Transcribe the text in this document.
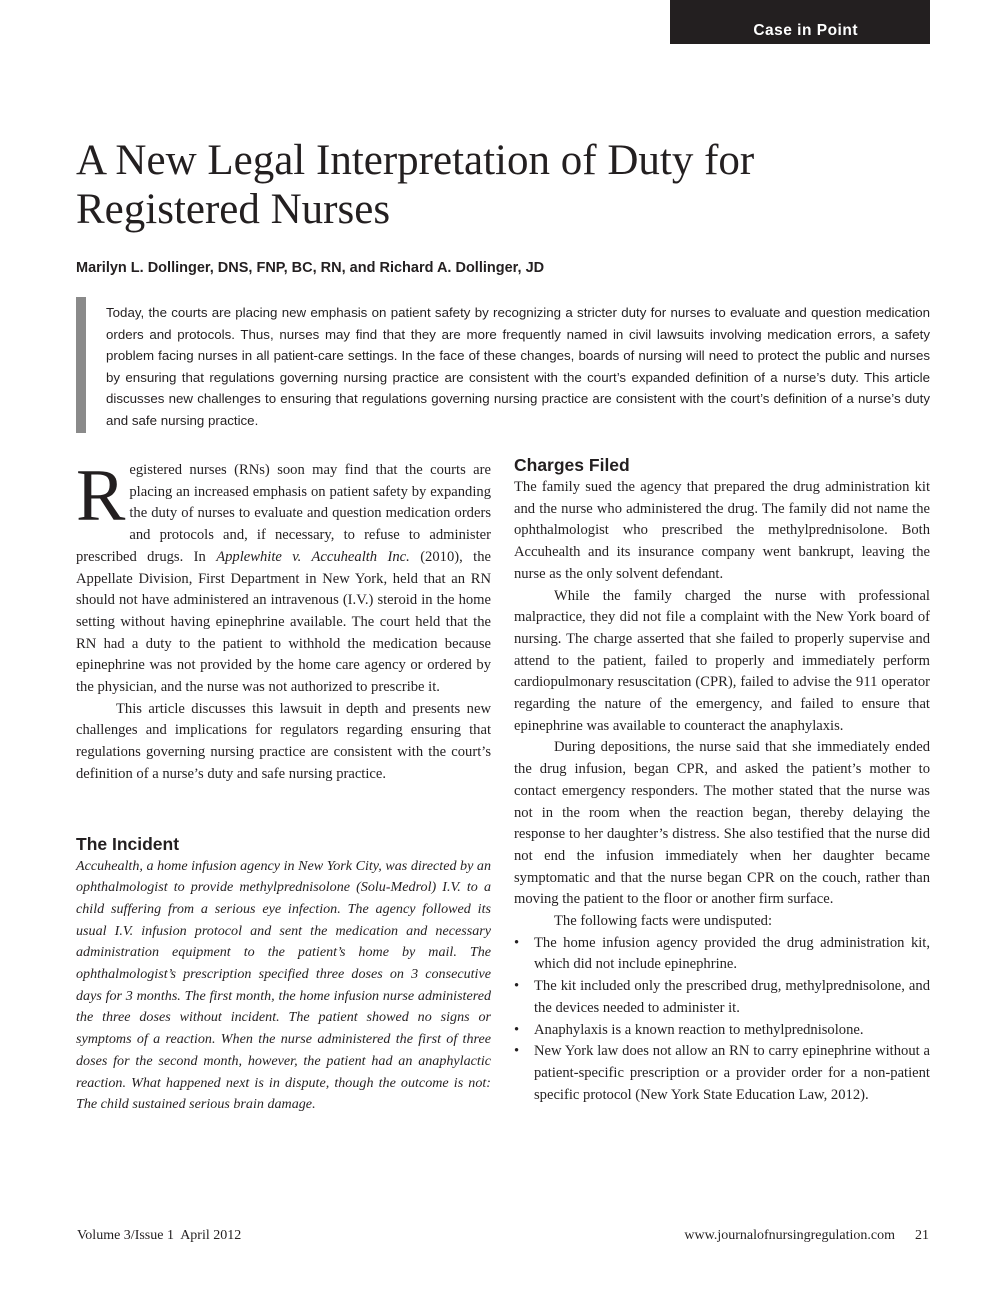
Case in Point
A New Legal Interpretation of Duty for Registered Nurses
Marilyn L. Dollinger, DNS, FNP, BC, RN, and Richard A. Dollinger, JD

Today, the courts are placing new emphasis on patient safety by recognizing a stricter duty for nurses to evaluate and question medication orders and protocols. Thus, nurses may find that they are more frequently named in civil lawsuits involving medication errors, a safety problem facing nurses in all patient-care settings. In the face of these changes, boards of nursing will need to protect the public and nurses by ensuring that regulations governing nursing practice are consistent with the court’s expanded definition of a nurse’s duty. This article discusses new challenges to ensuring that regulations governing nursing practice are consistent with the court’s definition of a nurse’s duty and safe nursing practice.

Registered nurses (RNs) soon may find that the courts are placing an increased emphasis on patient safety by expanding the duty of nurses to evaluate and question medication orders and protocols and, if necessary, to refuse to administer prescribed drugs. In Applewhite v. Accuhealth Inc. (2010), the Appellate Division, First Department in New York, held that an RN should not have administered an intravenous (I.V.) steroid in the home setting without having epinephrine available. The court held that the RN had a duty to the patient to withhold the medication because epinephrine was not provided by the home care agency or ordered by the physician, and the nurse was not authorized to prescribe it.

This article discusses this lawsuit in depth and presents new challenges and implications for regulators regarding ensuring that regulations governing nursing practice are consistent with the court’s definition of a nurse’s duty and safe nursing practice.

The Incident

Accuhealth, a home infusion agency in New York City, was directed by an ophthalmologist to provide methylprednisolone (Solu-Medrol) I.V. to a child suffering from a serious eye infection. The agency followed its usual I.V. infusion protocol and sent the medication and necessary administration equipment to the patient’s home by mail. The ophthalmologist’s prescription specified three doses on 3 consecutive days for 3 months. The first month, the home infusion nurse administered the three doses without incident. The patient showed no signs or symptoms of a reaction. When the nurse administered the first of three doses for the second month, however, the patient had an anaphylactic reaction. What happened next is in dispute, though the outcome is not: The child sustained serious brain damage.

Charges Filed

The family sued the agency that prepared the drug administration kit and the nurse who administered the drug. The family did not name the ophthalmologist who prescribed the methylprednisolone. Both Accuhealth and its insurance company went bankrupt, leaving the nurse as the only solvent defendant.

While the family charged the nurse with professional malpractice, they did not file a complaint with the New York board of nursing. The charge asserted that she failed to properly supervise and attend to the patient, failed to properly and immediately perform cardiopulmonary resuscitation (CPR), failed to advise the 911 operator regarding the nature of the emergency, and failed to ensure that epinephrine was available to counteract the anaphylaxis.

During depositions, the nurse said that she immediately ended the drug infusion, began CPR, and asked the patient’s mother to contact emergency responders. The mother stated that the nurse was not in the room when the reaction began, thereby delaying the response to her daughter’s distress. She also testified that the nurse did not end the infusion immediately when her daughter became symptomatic and that the nurse began CPR on the couch, rather than moving the patient to the floor or another firm surface.

The following facts were undisputed:

• The home infusion agency provided the drug administration kit, which did not include epinephrine.
• The kit included only the prescribed drug, methylprednisolone, and the devices needed to administer it.
• Anaphylaxis is a known reaction to methylprednisolone.
• New York law does not allow an RN to carry epinephrine without a patient-specific prescription or a provider order for a non-patient specific protocol (New York State Education Law, 2012).
Volume 3/Issue 1  April 2012	www.journalofnursingregulation.com 21
